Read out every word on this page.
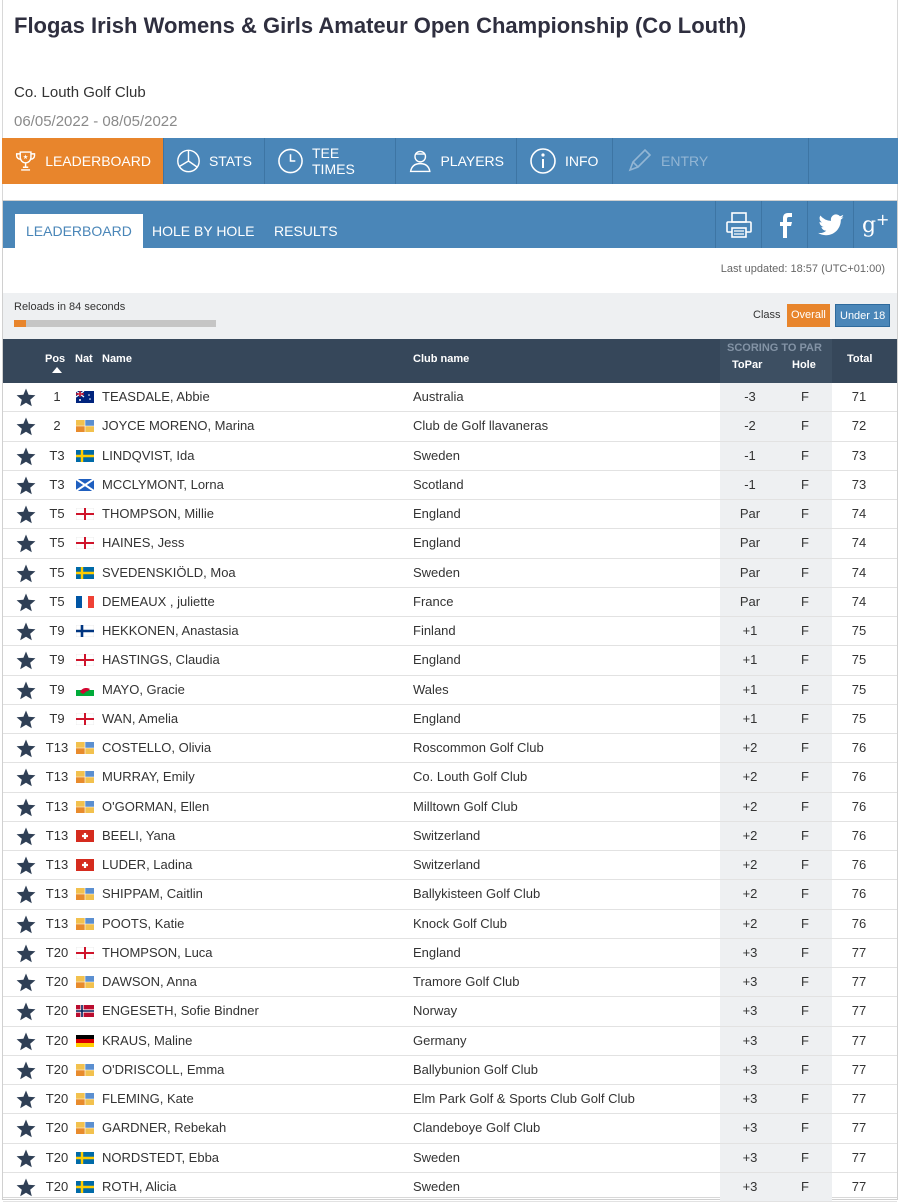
Flogas Irish Womens & Girls Amateur Open Championship (Co Louth)
Co. Louth Golf Club
06/05/2022 - 08/05/2022
★ LEADERBOARD	STATS	TEE TIMES	PLAYERS	INFO	ENTRY
LEADERBOARD	HOLE BY HOLE	RESULTS	g +
Last updated: 18:57 (UTC+01:00)
Reloads in 84 seconds
Class Overall	Under 18
Pos Nat Name	Club name
SCORING TO PAR
ToPar	Hole	Total
1	TEASDALE, Abbie	Australia	-3	F	71
2	JOYCE MORENO, Marina	Club de Golf llavaneras	-2	F	72
T3	LINDQVIST, Ida	Sweden	-1	F	73
T3	MCCLYMONT, Lorna	Scotland	-1	F	73
T5	THOMPSON, Millie	England	Par	F	74
T5	HAINES, Jess	England	Par	F	74
T5	SVEDENSKIÖLD, Moa	Sweden	Par	F	74
T5	DEMEAUX , juliette	France	Par	F	74
T9	HEKKONEN, Anastasia	Finland	+1	F	75
T9	HASTINGS, Claudia	England	+1	F	75
T9	MAYO, Gracie	Wales	+1	F	75
T9	WAN, Amelia	England	+1	F	75
T13	COSTELLO, Olivia	Roscommon Golf Club	+2	F	76
T13	MURRAY, Emily	Co. Louth Golf Club	+2	F	76
T13	O'GORMAN, Ellen	Milltown Golf Club	+2	F	76
T13	BEELI, Yana	Switzerland	+2	F	76
T13	LUDER, Ladina	Switzerland	+2	F	76
T13	SHIPPAM, Caitlin	Ballykisteen Golf Club	+2	F	76
T13	POOTS, Katie	Knock Golf Club	+2	F	76
T20	THOMPSON, Luca	England	+3	F	77
T20	DAWSON, Anna	Tramore Golf Club	+3	F	77
T20	ENGESETH, Sofie Bindner	Norway	+3	F	77
T20	KRAUS, Maline	Germany	+3	F	77
T20	O'DRISCOLL, Emma	Ballybunion Golf Club	+3	F	77
T20	FLEMING, Kate	Elm Park Golf & Sports Club Golf Club	+3	F	77
T20	GARDNER, Rebekah	Clandeboye Golf Club	+3	F	77
T20	NORDSTEDT, Ebba	Sweden	+3	F	77
T20	ROTH, Alicia	Sweden	+3	F	77
